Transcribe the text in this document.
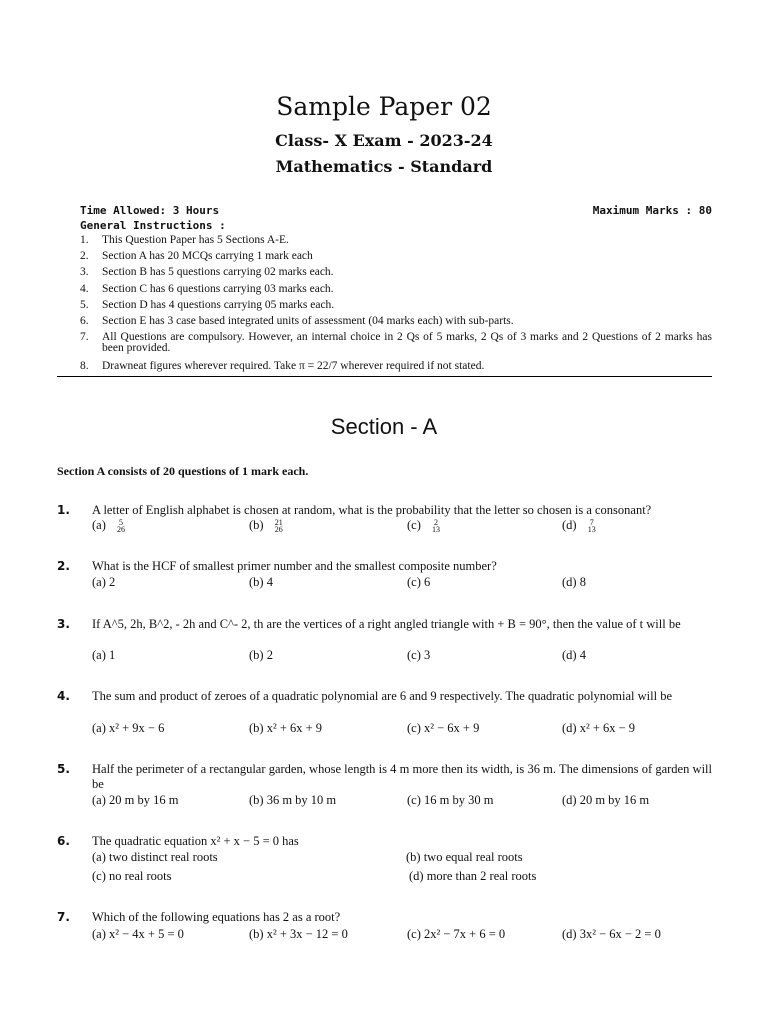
Sample Paper 02
Class- X Exam - 2023-24
Mathematics - Standard
Time Allowed: 3 Hours	Maximum Marks : 80
General Instructions :
1. This Question Paper has 5 Sections A-E.
2. Section A has 20 MCQs carrying 1 mark each
3. Section B has 5 questions carrying 02 marks each.
4. Section C has 6 questions carrying 03 marks each.
5. Section D has 4 questions carrying 05 marks each.
6. Section E has 3 case based integrated units of assessment (04 marks each) with sub-parts.
7. All Questions are compulsory. However, an internal choice in 2 Qs of 5 marks, 2 Qs of 3 marks and 2 Questions of 2 marks has been provided.
8. Drawneat figures wherever required. Take π = 22/7 wherever required if not stated.
Section - A
Section A consists of 20 questions of 1 mark each.
1. A letter of English alphabet is chosen at random, what is the probability that the letter so chosen is a consonant?
(a) 5
26	(b) 21
26	(c) 2
13	(d) 7
13
2. What is the HCF of smallest primer number and the smallest composite number?
(a) 2	(b) 4	(c) 6	(d) 8
3. If A^5, 2h, B^2, - 2h and C^- 2, th are the vertices of a right angled triangle with + B = 90°, then the value of t will be
(a) 1	(b) 2	(c) 3	(d) 4
4. The sum and product of zeroes of a quadratic polynomial are 6 and 9 respectively. The quadratic polynomial will be
(a) x² + 9x − 6	(b) x² + 6x + 9	(c) x² − 6x + 9	(d) x² + 6x − 9
5. Half the perimeter of a rectangular garden, whose length is 4 m more then its width, is 36 m. The dimensions of garden will be
(a) 20 m by 16 m	(b) 36 m by 10 m	(c) 16 m by 30 m	(d) 20 m by 16 m
6. The quadratic equation x² + x − 5 = 0 has
(a) two distinct real roots	(b) two equal real roots
(c) no real roots	(d) more than 2 real roots
7. Which of the following equations has 2 as a root?
(a) x² − 4x + 5 = 0	(b) x² + 3x − 12 = 0	(c) 2x² − 7x + 6 = 0	(d) 3x² − 6x − 2 = 0
